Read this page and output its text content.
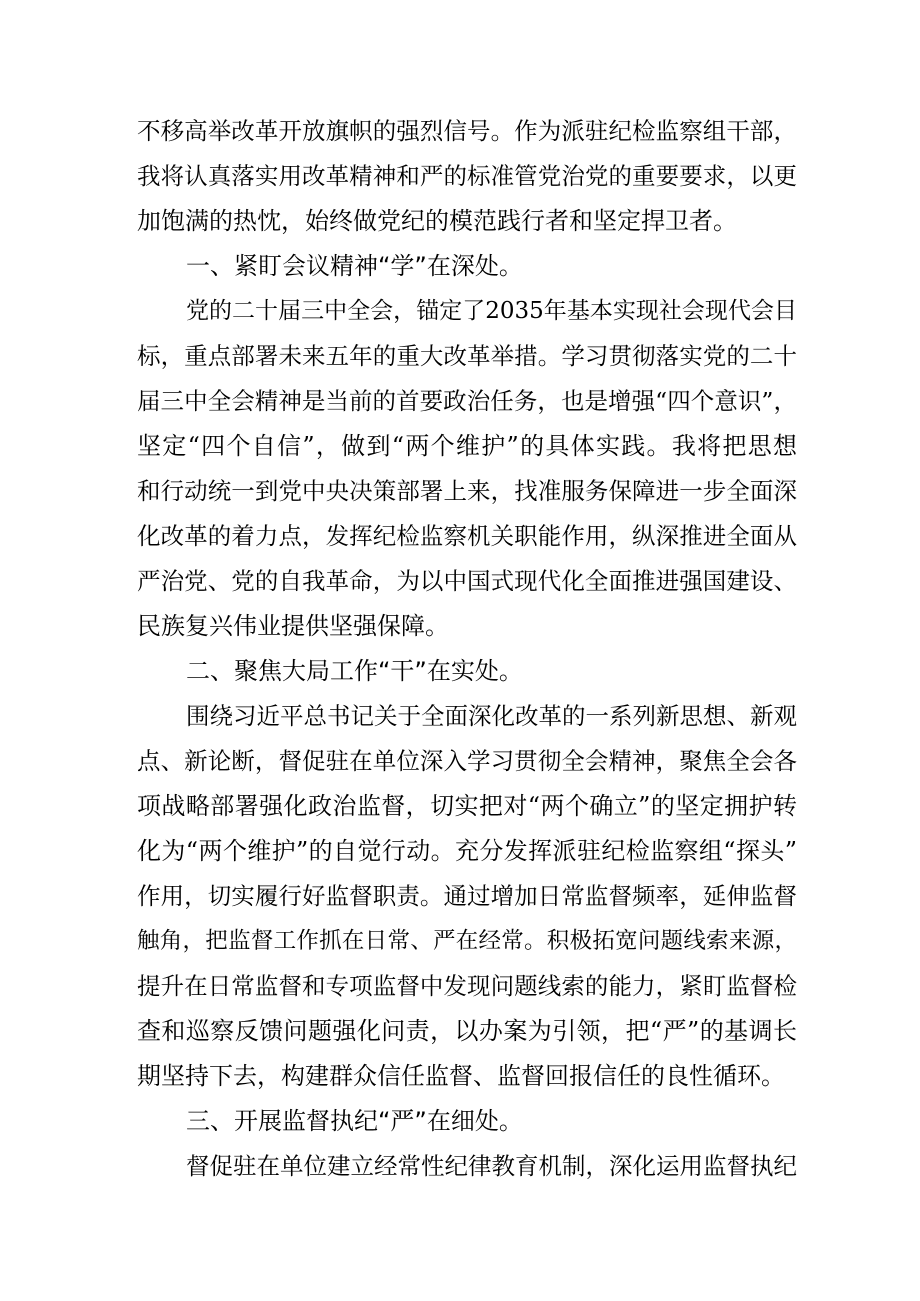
不移高举改革开放旗帜的强烈信号。作为派驻纪检监察组干部，
我将认真落实用改革精神和严的标准管党治党的重要要求，以更
加饱满的热忱，始终做党纪的模范践行者和坚定捍卫者。
一、紧盯会议精神“学”在深处。
党的二十届三中全会，锚定了2035年基本实现社会现代会目
标，重点部署未来五年的重大改革举措。学习贯彻落实党的二十
届三中全会精神是当前的首要政治任务，也是增强“四个意识”，
坚定“四个自信”，做到“两个维护”的具体实践。我将把思想
和行动统一到党中央决策部署上来，找准服务保障进一步全面深
化改革的着力点，发挥纪检监察机关职能作用，纵深推进全面从
严治党、党的自我革命，为以中国式现代化全面推进强国建设、
民族复兴伟业提供坚强保障。
二、聚焦大局工作“干”在实处。
围绕习近平总书记关于全面深化改革的一系列新思想、新观
点、新论断，督促驻在单位深入学习贯彻全会精神，聚焦全会各
项战略部署强化政治监督，切实把对“两个确立”的坚定拥护转
化为“两个维护”的自觉行动。充分发挥派驻纪检监察组“探头”
作用，切实履行好监督职责。通过增加日常监督频率，延伸监督
触角，把监督工作抓在日常、严在经常。积极拓宽问题线索来源，
提升在日常监督和专项监督中发现问题线索的能力，紧盯监督检
查和巡察反馈问题强化问责，以办案为引领，把“严”的基调长
期坚持下去，构建群众信任监督、监督回报信任的良性循环。
三、开展监督执纪“严”在细处。
督促驻在单位建立经常性纪律教育机制，深化运用监督执纪
